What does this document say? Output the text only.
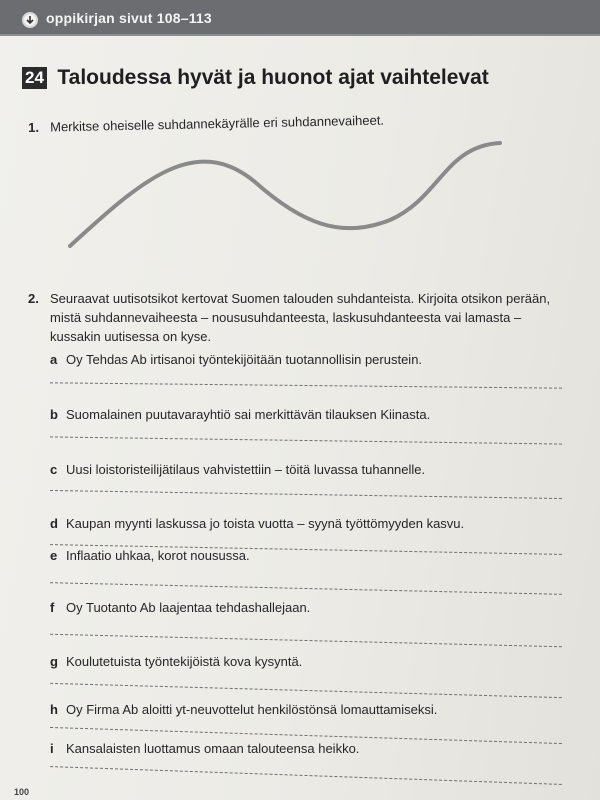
oppikirjan sivut 108–113
24 Taloudessa hyvät ja huonot ajat vaihtelevat
1. Merkitse oheiselle suhdannekäyrälle eri suhdannevaiheet.
2. Seuraavat uutisotsikot kertovat Suomen talouden suhdanteista. Kirjoita otsikon perään, mistä suhdannevaiheesta – noususuhdanteesta, laskusuhdanteesta vai lamasta – kussakin uutisessa on kyse.
a Oy Tehdas Ab irtisanoi työntekijöitään tuotannollisin perustein.
b Suomalainen puutavarayhtiö sai merkittävän tilauksen Kiinasta.
c Uusi loistoristeilijätilaus vahvistettiin – töitä luvassa tuhannelle.
d Kaupan myynti laskussa jo toista vuotta – syynä työttömyyden kasvu.
e Inflaatio uhkaa, korot nousussa.
f Oy Tuotanto Ab laajentaa tehdashallejaan.
g Koulutetuista työntekijöistä kova kysyntä.
h Oy Firma Ab aloitti yt-neuvottelut henkilöstönsä lomauttamiseksi.
i Kansalaisten luottamus omaan talouteensa heikko.
100
